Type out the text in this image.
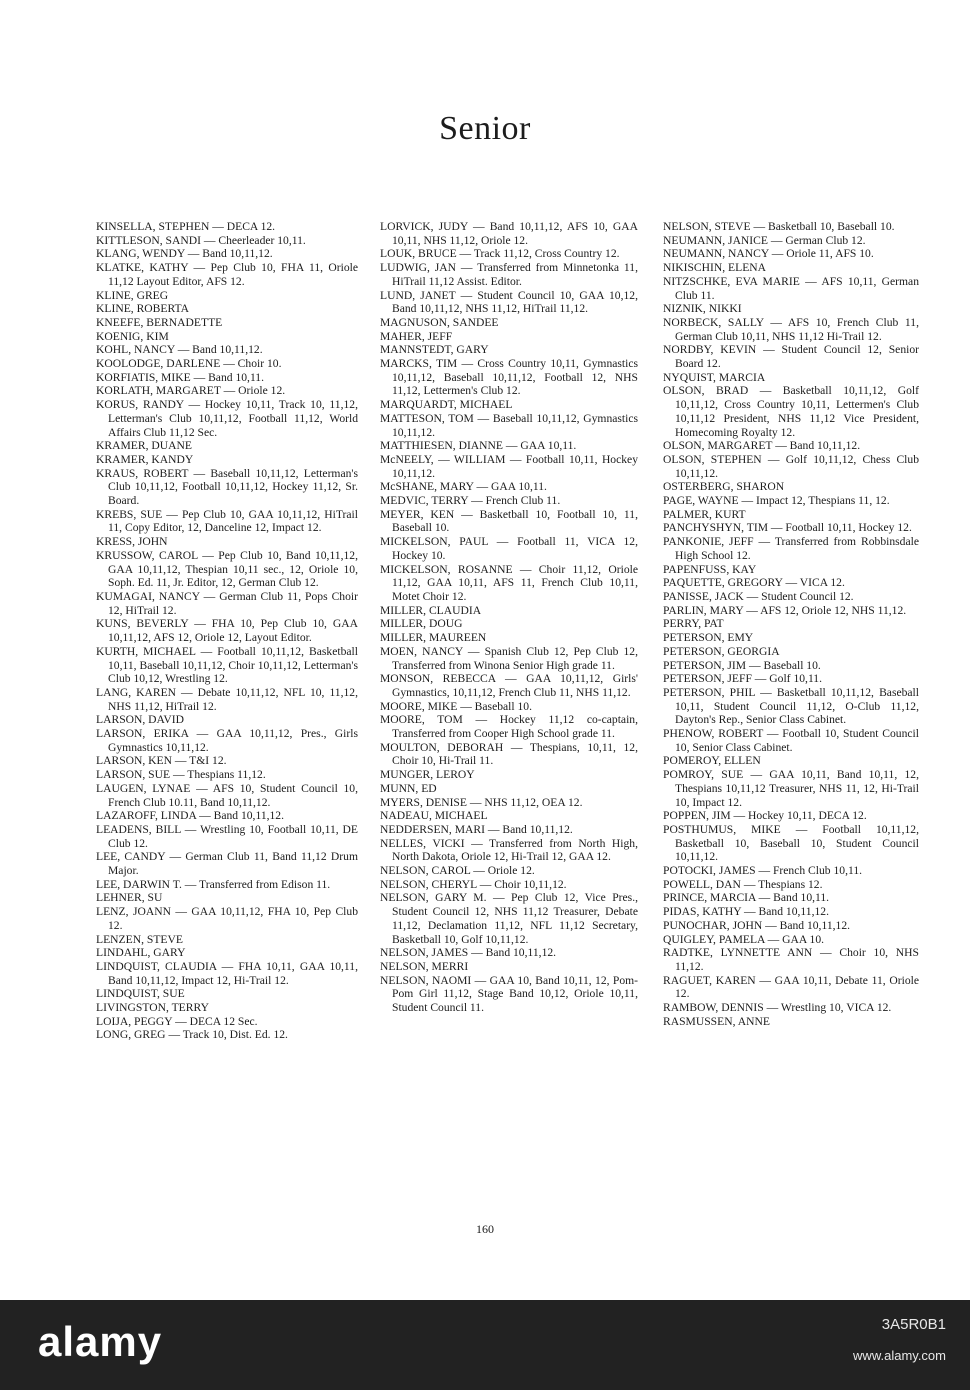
Senior

KINSELLA, STEPHEN — DECA 12.

KITTLESON, SANDI — Cheerleader 10,11.

KLANG, WENDY — Band 10,11,12.

KLATKE, KATHY — Pep Club 10, FHA 11, Oriole 11,12 Layout Editor, AFS 12.

KLINE, GREG

KLINE, ROBERTA

KNEEFE, BERNADETTE

KOENIG, KIM

KOHL, NANCY — Band 10,11,12.

KOOLODGE, DARLENE — Choir 10.

KORFIATIS, MIKE — Band 10,11.

KORLATH, MARGARET — Oriole 12.

KORUS, RANDY — Hockey 10,11, Track 10, 11,12, Letterman's Club 10,11,12, Football 11,12, World Affairs Club 11,12 Sec.

KRAMER, DUANE

KRAMER, KANDY

KRAUS, ROBERT — Baseball 10,11,12, Letterman's Club 10,11,12, Football 10,11,12, Hockey 11,12, Sr. Board.

KREBS, SUE — Pep Club 10, GAA 10,11,12, HiTrail 11, Copy Editor, 12, Danceline 12, Impact 12.

KRESS, JOHN

KRUSSOW, CAROL — Pep Club 10, Band 10,11,12, GAA 10,11,12, Thespian 10,11 sec., 12, Oriole 10, Soph. Ed. 11, Jr. Editor, 12, German Club 12.

KUMAGAI, NANCY — German Club 11, Pops Choir 12, HiTrail 12.

KUNS, BEVERLY — FHA 10, Pep Club 10, GAA 10,11,12, AFS 12, Oriole 12, Layout Editor.

KURTH, MICHAEL — Football 10,11,12, Basketball 10,11, Baseball 10,11,12, Choir 10,11,12, Letterman's Club 10,12, Wrestling 12.

LANG, KAREN — Debate 10,11,12, NFL 10, 11,12, NHS 11,12, HiTrail 12.

LARSON, DAVID

LARSON, ERIKA — GAA 10,11,12, Pres., Girls Gymnastics 10,11,12.

LARSON, KEN — T&I 12.

LARSON, SUE — Thespians 11,12.

LAUGEN, LYNAE — AFS 10, Student Council 10, French Club 10.11, Band 10,11,12.

LAZAROFF, LINDA — Band 10,11,12.

LEADENS, BILL — Wrestling 10, Football 10,11, DE Club 12.

LEE, CANDY — German Club 11, Band 11,12 Drum Major.

LEE, DARWIN T. — Transferred from Edison 11.

LEHNER, SU

LENZ, JOANN — GAA 10,11,12, FHA 10, Pep Club 12.

LENZEN, STEVE

LINDAHL, GARY

LINDQUIST, CLAUDIA — FHA 10,11, GAA 10,11, Band 10,11,12, Impact 12, Hi-Trail 12.

LINDQUIST, SUE

LIVINGSTON, TERRY

LOIJA, PEGGY — DECA 12 Sec.

LONG, GREG — Track 10, Dist. Ed. 12.

LORVICK, JUDY — Band 10,11,12, AFS 10, GAA 10,11, NHS 11,12, Oriole 12.

LOUK, BRUCE — Track 11,12, Cross Country 12.

LUDWIG, JAN — Transferred from Minnetonka 11, HiTrail 11,12 Assist. Editor.

LUND, JANET — Student Council 10, GAA 10,12, Band 10,11,12, NHS 11,12, HiTrail 11,12.

MAGNUSON, SANDEE

MAHER, JEFF

MANNSTEDT, GARY

MARCKS, TIM — Cross Country 10,11, Gymnastics 10,11,12, Baseball 10,11,12, Football 12, NHS 11,12, Lettermen's Club 12.

MARQUARDT, MICHAEL

MATTESON, TOM — Baseball 10,11,12, Gymnastics 10,11,12.

MATTHIESEN, DIANNE — GAA 10,11.

McNEELY, — WILLIAM — Football 10,11, Hockey 10,11,12.

McSHANE, MARY — GAA 10,11.

MEDVIC, TERRY — French Club 11.

MEYER, KEN — Basketball 10, Football 10, 11, Baseball 10.

MICKELSON, PAUL — Football 11, VICA 12, Hockey 10.

MICKELSON, ROSANNE — Choir 11,12, Oriole 11,12, GAA 10,11, AFS 11, French Club 10,11, Motet Choir 12.

MILLER, CLAUDIA

MILLER, DOUG

MILLER, MAUREEN

MOEN, NANCY — Spanish Club 12, Pep Club 12, Transferred from Winona Senior High grade 11.

MONSON, REBECCA — GAA 10,11,12, Girls' Gymnastics, 10,11,12, French Club 11, NHS 11,12.

MOORE, MIKE — Baseball 10.

MOORE, TOM — Hockey 11,12 co-captain, Transferred from Cooper High School grade 11.

MOULTON, DEBORAH — Thespians, 10,11, 12, Choir 10, Hi-Trail 11.

MUNGER, LEROY

MUNN, ED

MYERS, DENISE — NHS 11,12, OEA 12.

NADEAU, MICHAEL

NEDDERSEN, MARI — Band 10,11,12.

NELLES, VICKI — Transferred from North High, North Dakota, Oriole 12, Hi-Trail 12, GAA 12.

NELSON, CAROL — Oriole 12.

NELSON, CHERYL — Choir 10,11,12.

NELSON, GARY M. — Pep Club 12, Vice Pres., Student Council 12, NHS 11,12 Treasurer, Debate 11,12, Declamation 11,12, NFL 11,12 Secretary, Basketball 10, Golf 10,11,12.

NELSON, JAMES — Band 10,11,12.

NELSON, MERRI

NELSON, NAOMI — GAA 10, Band 10,11, 12, Pom-Pom Girl 11,12, Stage Band 10,12, Oriole 10,11, Student Council 11.

NELSON, STEVE — Basketball 10, Baseball 10.

NEUMANN, JANICE — German Club 12.

NEUMANN, NANCY — Oriole 11, AFS 10.

NIKISCHIN, ELENA

NITZSCHKE, EVA MARIE — AFS 10,11, German Club 11.

NIZNIK, NIKKI

NORBECK, SALLY — AFS 10, French Club 11, German Club 10,11, NHS 11,12 Hi-Trail 12.

NORDBY, KEVIN — Student Council 12, Senior Board 12.

NYQUIST, MARCIA

OLSON, BRAD — Basketball 10,11,12, Golf 10,11,12, Cross Country 10,11, Lettermen's Club 10,11,12 President, NHS 11,12 Vice President, Homecoming Royalty 12.

OLSON, MARGARET — Band 10,11,12.

OLSON, STEPHEN — Golf 10,11,12, Chess Club 10,11,12.

OSTERBERG, SHARON

PAGE, WAYNE — Impact 12, Thespians 11, 12.

PALMER, KURT

PANCHYSHYN, TIM — Football 10,11, Hockey 12.

PANKONIE, JEFF — Transferred from Robbinsdale High School 12.

PAPENFUSS, KAY

PAQUETTE, GREGORY — VICA 12.

PANISSE, JACK — Student Council 12.

PARLIN, MARY — AFS 12, Oriole 12, NHS 11,12.

PERRY, PAT

PETERSON, EMY

PETERSON, GEORGIA

PETERSON, JIM — Baseball 10.

PETERSON, JEFF — Golf 10,11.

PETERSON, PHIL — Basketball 10,11,12, Baseball 10,11, Student Council 11,12, O-Club 11,12, Dayton's Rep., Senior Class Cabinet.

PHENOW, ROBERT — Football 10, Student Council 10, Senior Class Cabinet.

POMEROY, ELLEN

POMROY, SUE — GAA 10,11, Band 10,11, 12, Thespians 10,11,12 Treasurer, NHS 11, 12, Hi-Trail 10, Impact 12.

POPPEN, JIM — Hockey 10,11, DECA 12.

POSTHUMUS, MIKE — Football 10,11,12, Basketball 10, Baseball 10, Student Council 10,11,12.

POTOCKI, JAMES — French Club 10,11.

POWELL, DAN — Thespians 12.

PRINCE, MARCIA — Band 10,11.

PIDAS, KATHY — Band 10,11,12.

PUNOCHAR, JOHN — Band 10,11,12.

QUIGLEY, PAMELA — GAA 10.

RADTKE, LYNNETTE ANN — Choir 10, NHS 11,12.

RAGUET, KAREN — GAA 10,11, Debate 11, Oriole 12.

RAMBOW, DENNIS — Wrestling 10, VICA 12.

RASMUSSEN, ANNE

160
alamy	3A5R0B1
www.alamy.com
